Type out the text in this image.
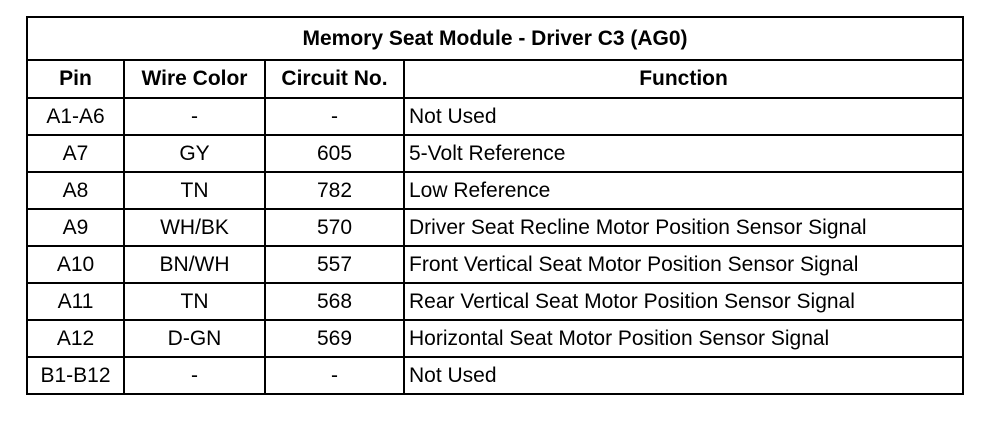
Memory Seat Module - Driver C3 (AG0)			
Pin	Wire Color	Circuit No.	Function
A1-A6	-	-	Not Used
A7	GY	605	5-Volt Reference
A8	TN	782	Low Reference
A9	WH/BK	570	Driver Seat Recline Motor Position Sensor Signal
A10	BN/WH	557	Front Vertical Seat Motor Position Sensor Signal
A11	TN	568	Rear Vertical Seat Motor Position Sensor Signal
A12	D-GN	569	Horizontal Seat Motor Position Sensor Signal
B1-B12	-	-	Not Used
